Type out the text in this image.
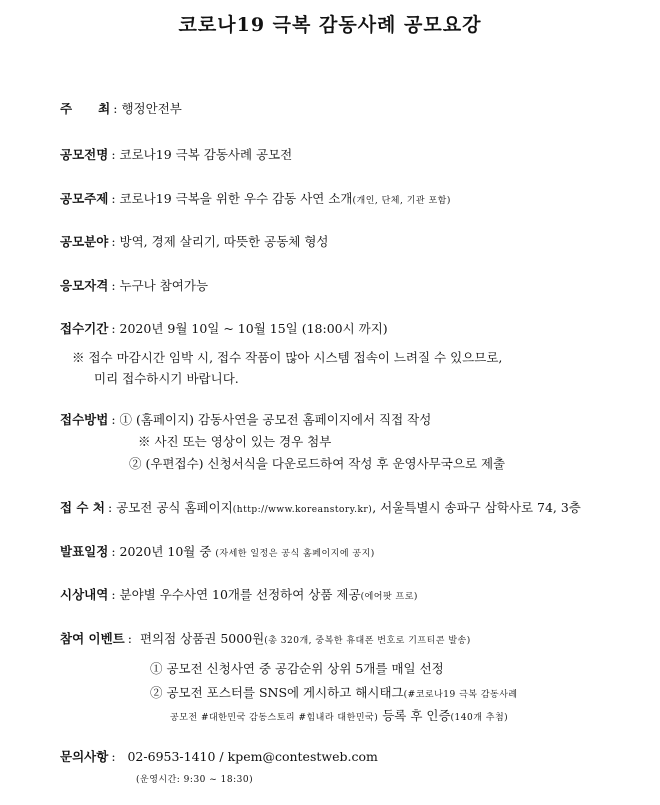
코로나19 극복 감동사례 공모요강
주      최 : 행정안전부
공모전명 : 코로나19 극복 감동사례 공모전
공모주제 : 코로나19 극복을 위한 우수 감동 사연 소개(개인, 단체, 기관 포함)
공모분야 : 방역, 경제 살리기, 따뜻한 공동체 형성
응모자격 : 누구나 참여가능
접수기간 : 2020년 9월 10일 ~ 10월 15일 (18:00시 까지)
※ 접수 마감시간 임박 시, 접수 작품이 많아 시스템 접속이 느려질 수 있으므로,
미리 접수하시기 바랍니다.
접수방법 : ① (홈페이지) 감동사연을 공모전 홈페이지에서 직접 작성
※ 사진 또는 영상이 있는 경우 첨부
② (우편접수) 신청서식을 다운로드하여 작성 후 운영사무국으로 제출
접 수 처 : 공모전 공식 홈페이지(http://www.koreanstory.kr), 서울특별시 송파구 삼학사로 74, 3층
발표일정 : 2020년 10월 중 (자세한 일정은 공식 홈페이지에 공지)
시상내역 : 분야별 우수사연 10개를 선정하여 상품 제공(에어팟 프로)
참여 이벤트 : 편의점 상품권 5000원(총 320개, 중복한 휴대폰 번호로 기프티콘 발송)
① 공모전 신청사연 중 공감순위 상위 5개를 매일 선정
② 공모전 포스터를 SNS에 게시하고 해시태그(#코로나19 극복 감동사례
공모전 #대한민국 감동스토리 #힘내라 대한민국) 등록 후 인증(140개 추첨)
문의사항 : 02-6953-1410 / kpem@contestweb.com
(운영시간: 9:30 ~ 18:30)
